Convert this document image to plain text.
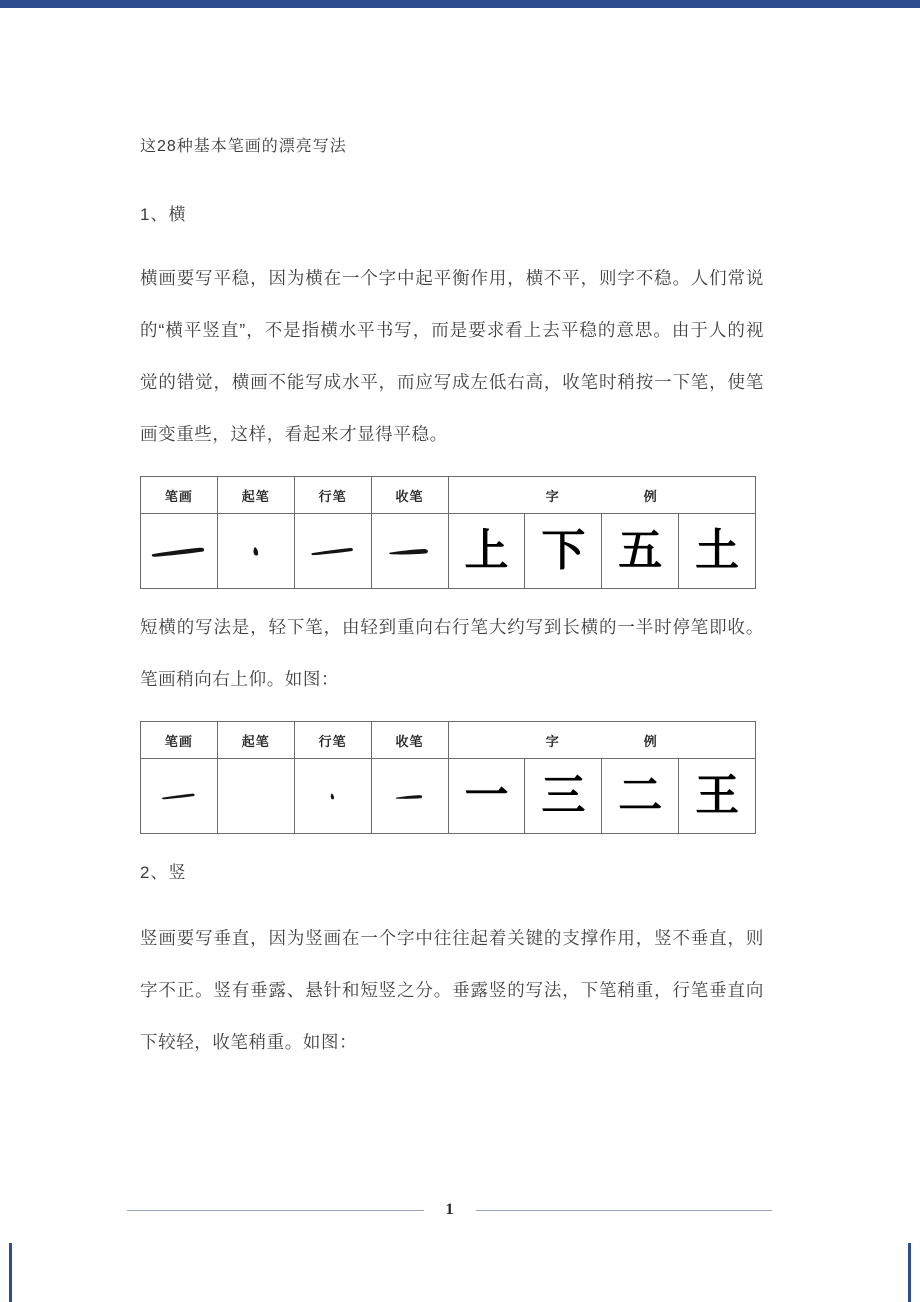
这28种基本笔画的漂亮写法

1、横

横画要写平稳，因为横在一个字中起平衡作用，横不平，则字不稳。人们常说的“横平竖直”，不是指横水平书写，而是要求看上去平稳的意思。由于人的视觉的错觉，横画不能写成水平，而应写成左低右高，收笔时稍按一下笔，使笔画变重些，这样，看起来才显得平稳。

笔画	起笔	行笔	收笔	字 例			

	上	下	五	土

短横的写法是，轻下笔，由轻到重向右行笔大约写到长横的一半时停笔即收。笔画稍向右上仰。如图：

笔画	起笔	行笔	收笔	字 例			

	一	三	二	王

2、竖

竖画要写垂直，因为竖画在一个字中往往起着关键的支撑作用，竖不垂直，则字不正。竖有垂露、悬针和短竖之分。垂露竖的写法，下笔稍重，行笔垂直向下较轻，收笔稍重。如图：

1
